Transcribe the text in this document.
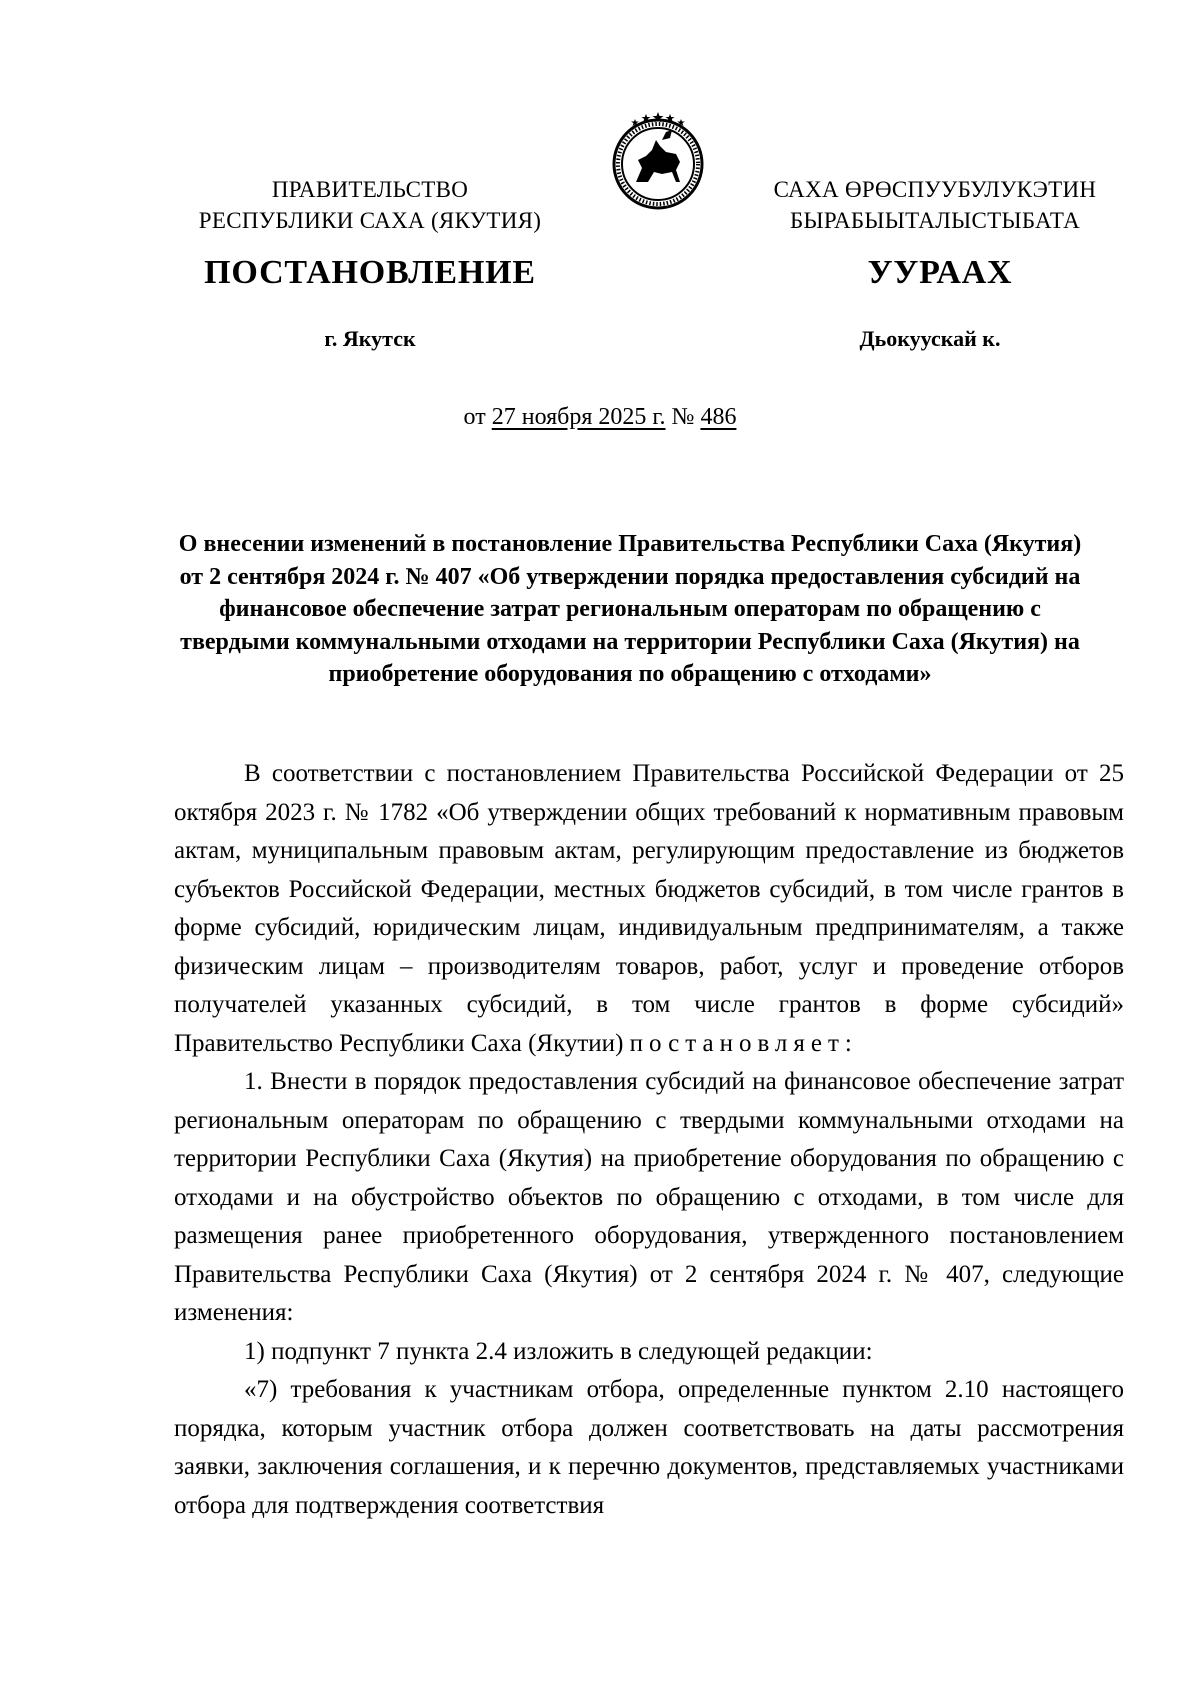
ПРАВИТЕЛЬСТВО
РЕСПУБЛИКИ САХА (ЯКУТИЯ)
САХА ӨРӨСПУУБУЛУКЭТИН
БЫРАБЫЫТАЛЫСТЫБАТА
ПОСТАНОВЛЕНИЕ	УУРААХ
г. Якутск	Дьокуускай к.
от 27 ноября 2025 г. № 486
О внесении изменений в постановление Правительства Республики Саха (Якутия) от 2 сентября 2024 г. № 407 «Об утверждении порядка предоставления субсидий на финансовое обеспечение затрат региональным операторам по обращению с твердыми коммунальными отходами на территории Республики Саха (Якутия) на приобретение оборудования по обращению с отходами»

В соответствии с постановлением Правительства Российской Федерации от 25 октября 2023 г. № 1782 «Об утверждении общих требований к нормативным правовым актам, муниципальным правовым актам, регулирующим предоставление из бюджетов субъектов Российской Федерации, местных бюджетов субсидий, в том числе грантов в форме субсидий, юридическим лицам, индивидуальным предпринимателям, а также физическим лицам – производителям товаров, работ, услуг и проведение отборов получателей указанных субсидий, в том числе грантов в форме субсидий» Правительство Республики Саха (Якутии) постановляет:

1. Внести в порядок предоставления субсидий на финансовое обеспечение затрат региональным операторам по обращению с твердыми коммунальными отходами на территории Республики Саха (Якутия) на приобретение оборудования по обращению с отходами и на обустройство объектов по обращению с отходами, в том числе для размещения ранее приобретенного оборудования, утвержденного постановлением Правительства Республики Саха (Якутия) от 2 сентября 2024 г. № 407, следующие изменения:

1) подпункт 7 пункта 2.4 изложить в следующей редакции:

«7) требования к участникам отбора, определенные пунктом 2.10 настоящего порядка, которым участник отбора должен соответствовать на даты рассмотрения заявки, заключения соглашения, и к перечню документов, представляемых участниками отбора для подтверждения соответствия
